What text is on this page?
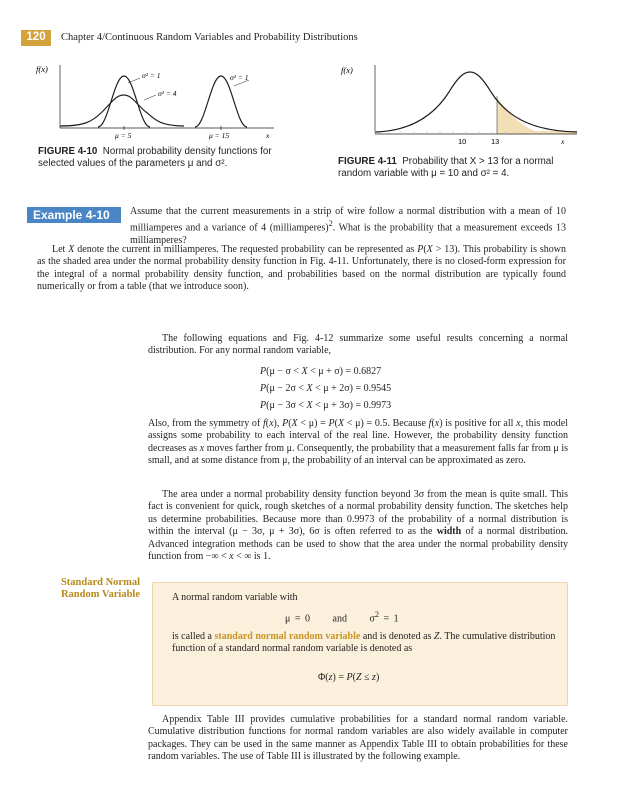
120	Chapter 4/Continuous Random Variables and Probability Distributions
f(x)
σ² = 1
σ² = 4
σ² = 1
μ = 5	μ = 15	x
FIGURE 4-10 Normal probability density functions for selected values of the parameters μ and σ².
f(x)
10	13	x
FIGURE 4-11 Probability that X > 13 for a normal random variable with μ = 10 and σ² = 4.
Example 4-10	Assume that the current measurements in a strip of wire follow a normal distribution with a mean of 10 milliamperes and a variance of 4 (milliamperes)$^2$. What is the probability that a measurement exceeds 13 milliamperes?
Let X denote the current in milliamperes. The requested probability can be represented as P(X > 13). This probability is shown as the shaded area under the normal probability density function in Fig. 4-11. Unfortunately, there is no closed-form expression for the integral of a normal probability density function, and probabilities based on the normal distribution are typically found numerically or from a table (that we introduce soon).
The following equations and Fig. 4-12 summarize some useful results concerning a normal distribution. For any normal random variable,
P(μ − σ < X < μ + σ) = 0.6827
P(μ − 2σ < X < μ + 2σ) = 0.9545
P(μ − 3σ < X < μ + 3σ) = 0.9973
Also, from the symmetry of f(x), P(X < μ) = P(X < μ) = 0.5. Because f(x) is positive for all x, this model assigns some probability to each interval of the real line. However, the probability density function decreases as x moves farther from μ. Consequently, the probability that a measurement falls far from μ is small, and at some distance from μ, the probability of an interval can be approximated as zero.
The area under a normal probability density function beyond 3σ from the mean is quite small. This fact is convenient for quick, rough sketches of a normal probability density function. The sketches help us determine probabilities. Because more than 0.9973 of the probability of a normal distribution is within the interval (μ − 3σ, μ + 3σ), 6σ is often referred to as the width of a normal distribution. Advanced integration methods can be used to show that the area under the normal probability density function from −∞ < x < ∞ is 1.
Standard Normal
Random Variable	A normal random variable with
μ = 0     and     $\sigma^2 = 1$
is called a standard normal random variable and is denoted as Z. The cumulative distribution function of a standard normal random variable is denoted as
Φ(z) = P(Z ≤ z)
Appendix Table III provides cumulative probabilities for a standard normal random variable. Cumulative distribution functions for normal random variables are also widely available in computer packages. They can be used in the same manner as Appendix Table III to obtain probabilities for these random variables. The use of Table III is illustrated by the following example.
